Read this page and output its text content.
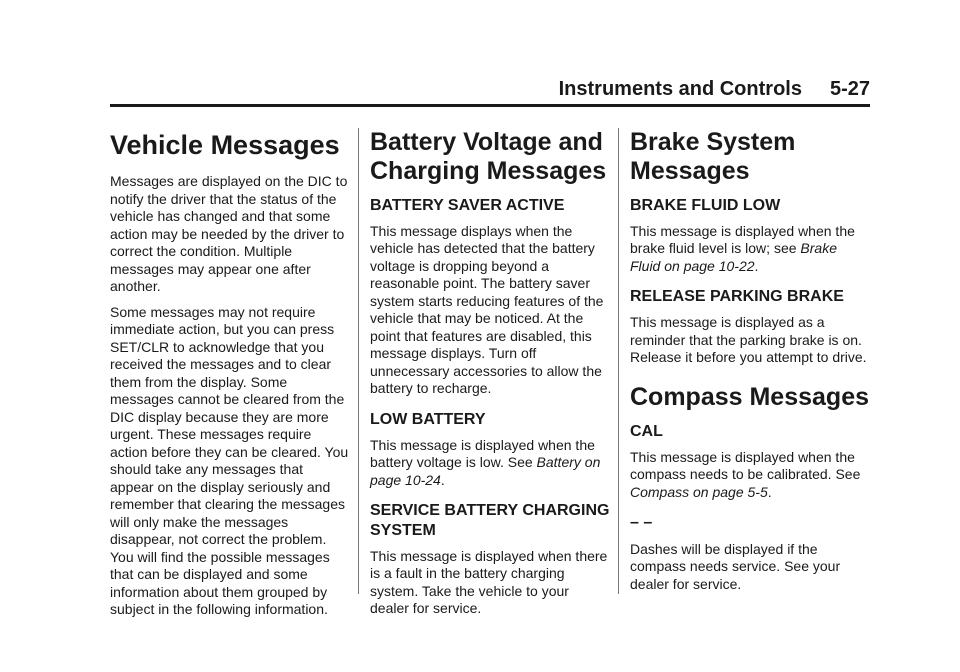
Instruments and Controls 5-27
Vehicle Messages

Messages are displayed on the DIC to notify the driver that the status of the vehicle has changed and that some action may be needed by the driver to correct the condition. Multiple messages may appear one after another.

Some messages may not require immediate action, but you can press SET/CLR to acknowledge that you received the messages and to clear them from the display. Some messages cannot be cleared from the DIC display because they are more urgent. These messages require action before they can be cleared. You should take any messages that appear on the display seriously and remember that clearing the messages will only make the messages disappear, not correct the problem. You will find the possible messages that can be displayed and some information about them grouped by subject in the following information.

Battery Voltage and Charging Messages
BATTERY SAVER ACTIVE

This message displays when the vehicle has detected that the battery voltage is dropping beyond a reasonable point. The battery saver system starts reducing features of the vehicle that may be noticed. At the point that features are disabled, this message displays. Turn off unnecessary accessories to allow the battery to recharge.

LOW BATTERY

This message is displayed when the battery voltage is low. See Battery on page 10-24.

SERVICE BATTERY CHARGING SYSTEM

This message is displayed when there is a fault in the battery charging system. Take the vehicle to your dealer for service.

Brake System Messages
BRAKE FLUID LOW

This message is displayed when the brake fluid level is low; see Brake Fluid on page 10-22.

RELEASE PARKING BRAKE

This message is displayed as a reminder that the parking brake is on. Release it before you attempt to drive.

Compass Messages
CAL

This message is displayed when the compass needs to be calibrated. See Compass on page 5-5.

– –

Dashes will be displayed if the compass needs service. See your dealer for service.
